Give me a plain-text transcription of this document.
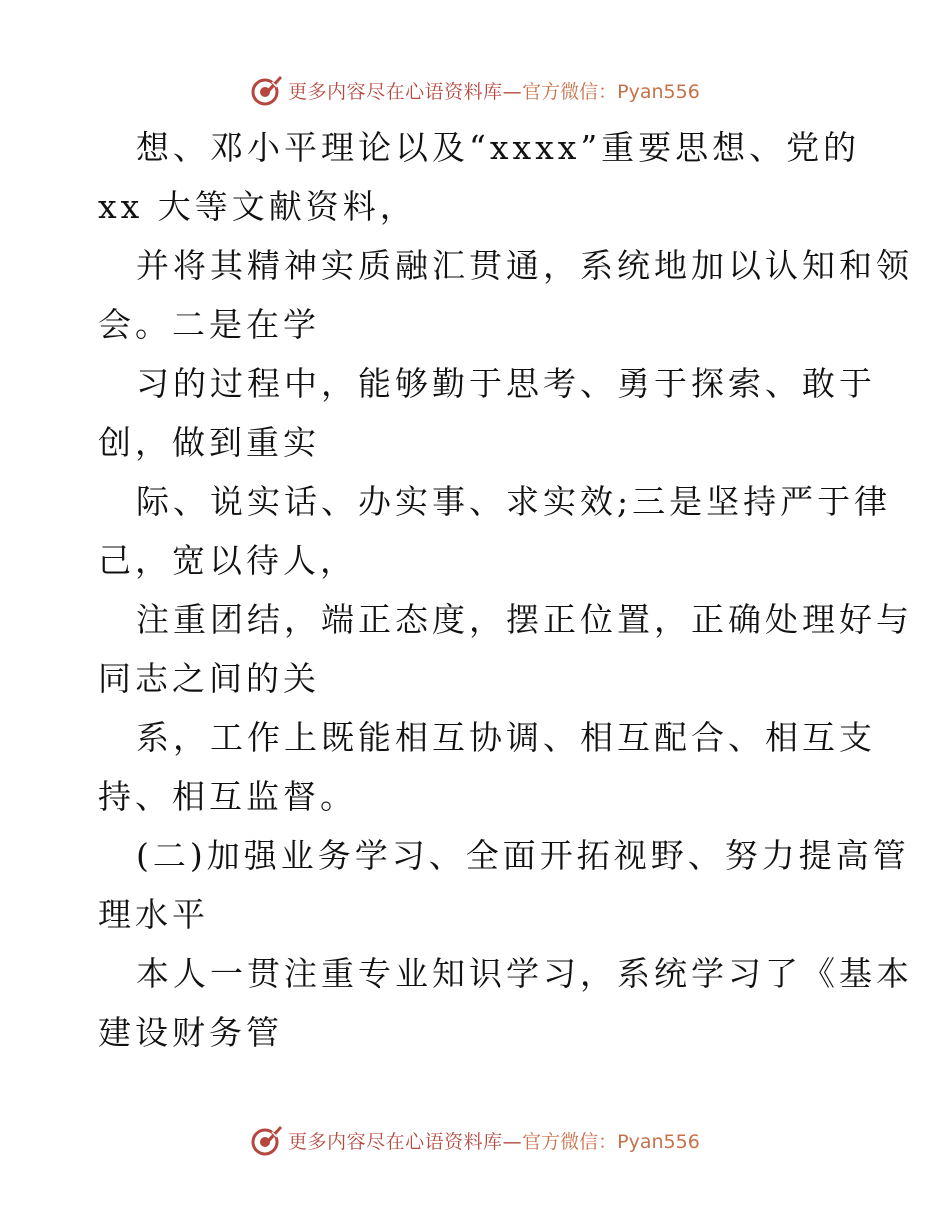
更多内容尽在心语资料库— 官方微信：Pyan556
想、邓小平理论以及“xxxx”重要思想、党的
xx 大等文献资料，
并将其精神实质融汇贯通，系统地加以认知和领
会。二是在学
习的过程中，能够勤于思考、勇于探索、敢于
创，做到重实
际、说实话、办实事、求实效;三是坚持严于律
己，宽以待人，
注重团结，端正态度，摆正位置，正确处理好与
同志之间的关
系，工作上既能相互协调、相互配合、相互支
持、相互监督。
(二)加强业务学习、全面开拓视野、努力提高管
理水平
本人一贯注重专业知识学习，系统学习了《基本
建设财务管
更多内容尽在心语资料库— 官方微信：Pyan556
